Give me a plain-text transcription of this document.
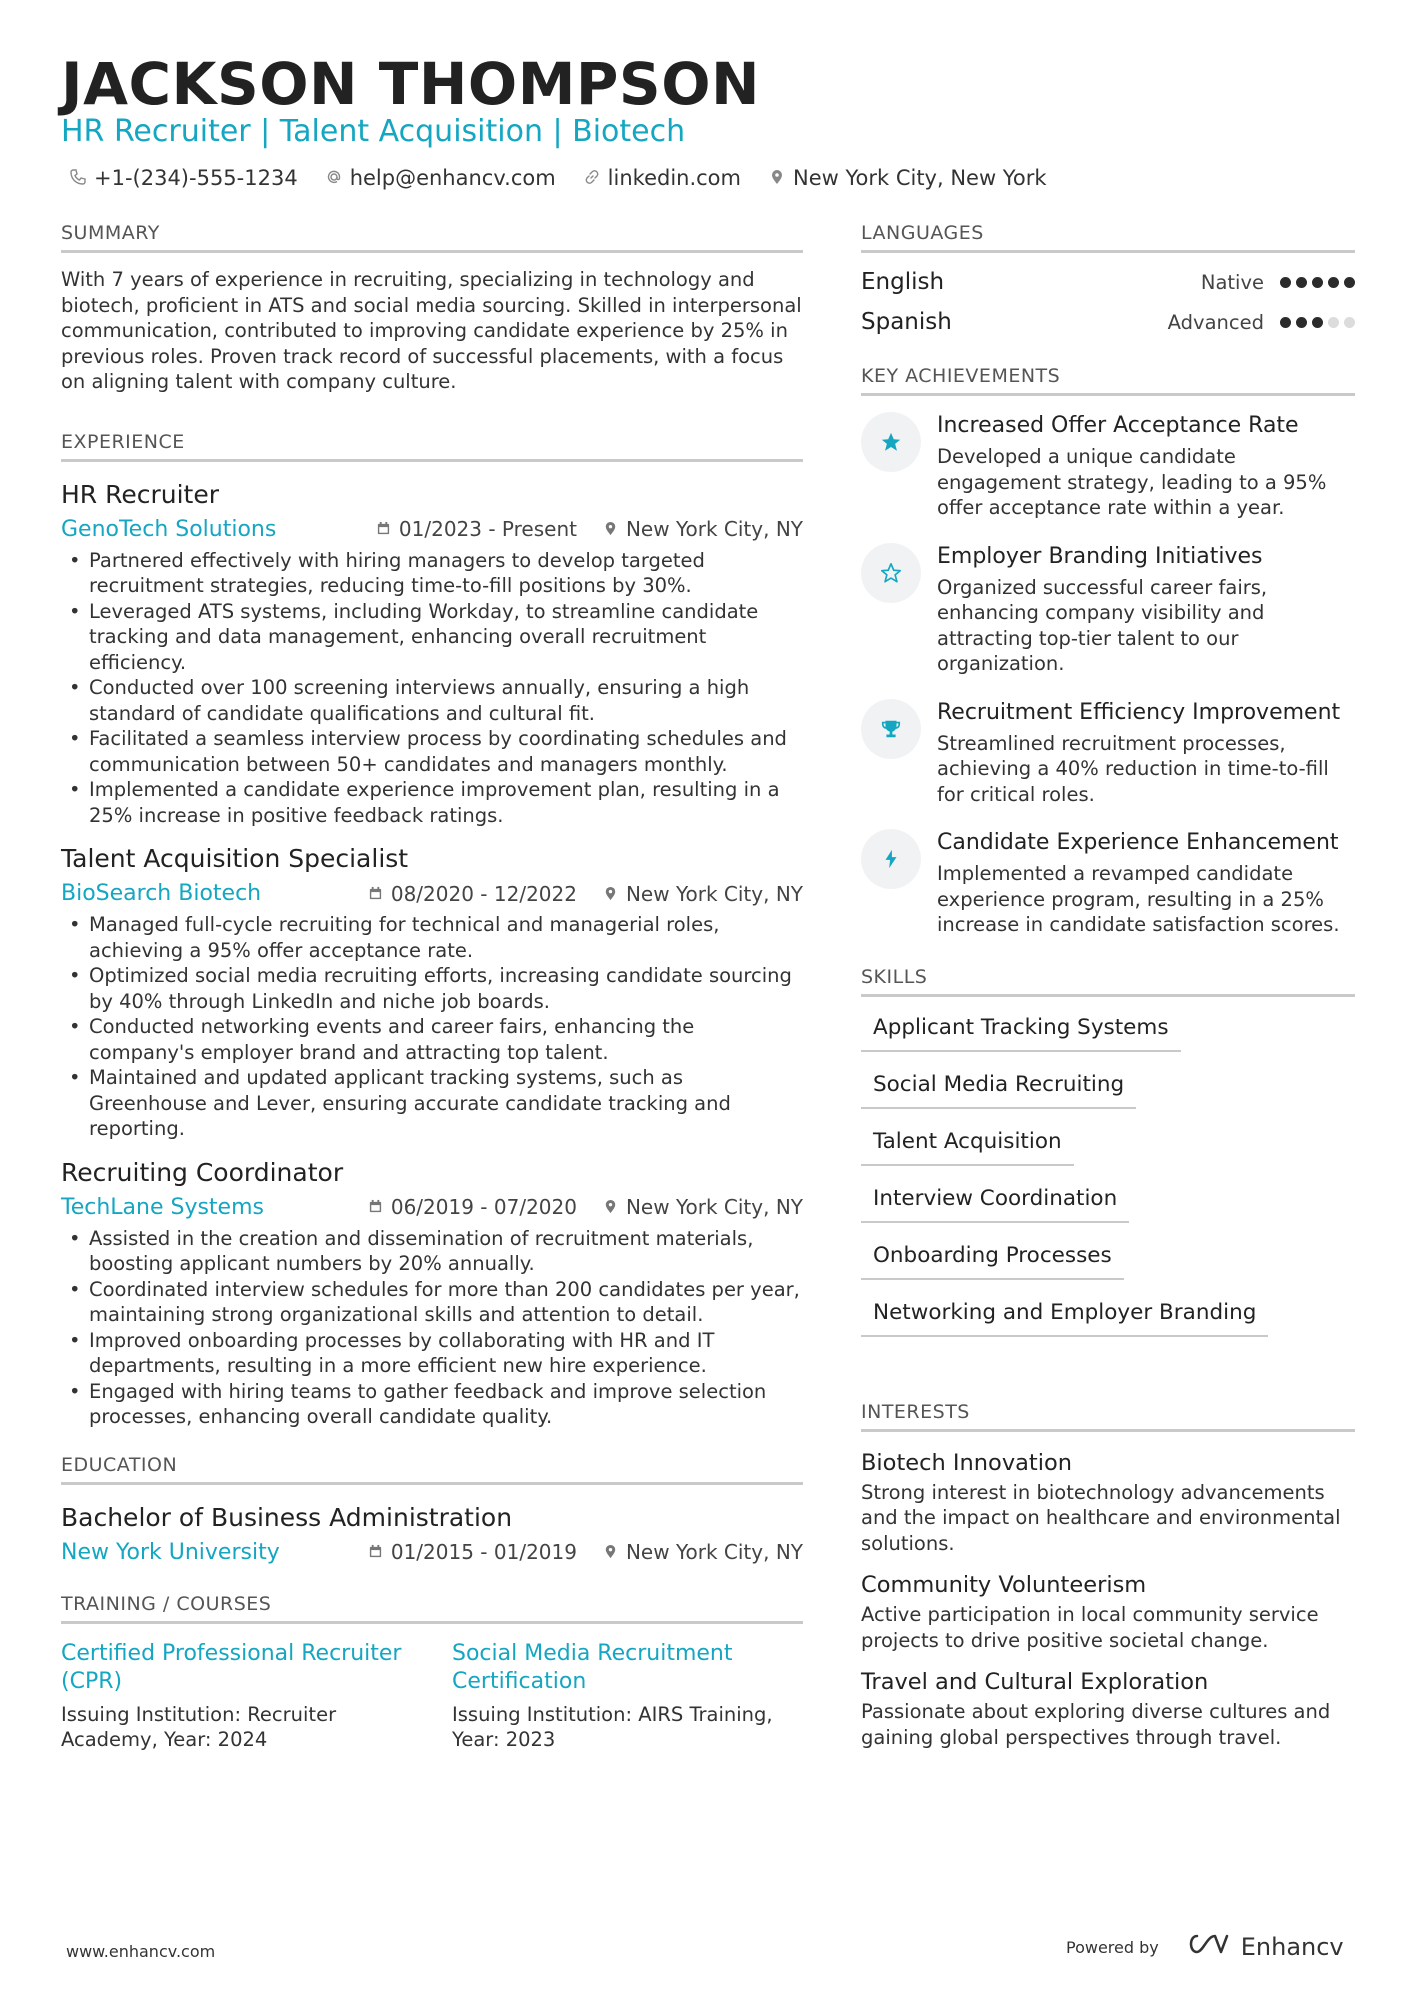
JACKSON THOMPSON
HR Recruiter | Talent Acquisition | Biotech
+1-(234)-555-1234 help@enhancv.com linkedin.com New York City, New York
SUMMARY

With 7 years of experience in recruiting, specializing in technology and biotech, proficient in ATS and social media sourcing. Skilled in interpersonal communication, contributed to improving candidate experience by 25% in previous roles. Proven track record of successful placements, with a focus on aligning talent with company culture.

EXPERIENCE
HR Recruiter
GenoTech Solutions	01/2023 - Present New York City, NY
• Partnered effectively with hiring managers to develop targeted recruitment strategies, reducing time-to-fill positions by 30%.
• Leveraged ATS systems, including Workday, to streamline candidate tracking and data management, enhancing overall recruitment efficiency.
• Conducted over 100 screening interviews annually, ensuring a high standard of candidate qualifications and cultural fit.
• Facilitated a seamless interview process by coordinating schedules and communication between 50+ candidates and managers monthly.
• Implemented a candidate experience improvement plan, resulting in a 25% increase in positive feedback ratings.
Talent Acquisition Specialist
BioSearch Biotech	08/2020 - 12/2022 New York City, NY
• Managed full-cycle recruiting for technical and managerial roles, achieving a 95% offer acceptance rate.
• Optimized social media recruiting efforts, increasing candidate sourcing by 40% through LinkedIn and niche job boards.
• Conducted networking events and career fairs, enhancing the company's employer brand and attracting top talent.
• Maintained and updated applicant tracking systems, such as Greenhouse and Lever, ensuring accurate candidate tracking and reporting.
Recruiting Coordinator
TechLane Systems	06/2019 - 07/2020 New York City, NY
• Assisted in the creation and dissemination of recruitment materials, boosting applicant numbers by 20% annually.
• Coordinated interview schedules for more than 200 candidates per year, maintaining strong organizational skills and attention to detail.
• Improved onboarding processes by collaborating with HR and IT departments, resulting in a more efficient new hire experience.
• Engaged with hiring teams to gather feedback and improve selection processes, enhancing overall candidate quality.
EDUCATION
Bachelor of Business Administration
New York University	01/2015 - 01/2019 New York City, NY
TRAINING / COURSES
Certified Professional Recruiter (CPR)
Issuing Institution: Recruiter Academy, Year: 2024
Social Media Recruitment Certification
Issuing Institution: AIRS Training, Year: 2023
LANGUAGES
English	Native
Spanish	Advanced
KEY ACHIEVEMENTS
Increased Offer Acceptance Rate
Developed a unique candidate engagement strategy, leading to a 95% offer acceptance rate within a year.
Employer Branding Initiatives
Organized successful career fairs, enhancing company visibility and attracting top-tier talent to our organization.
Recruitment Efficiency Improvement
Streamlined recruitment processes, achieving a 40% reduction in time-to-fill for critical roles.
Candidate Experience Enhancement
Implemented a revamped candidate experience program, resulting in a 25% increase in candidate satisfaction scores.
SKILLS
Applicant Tracking Systems
Social Media Recruiting
Talent Acquisition
Interview Coordination
Onboarding Processes
Networking and Employer Branding
INTERESTS
Biotech Innovation
Strong interest in biotechnology advancements and the impact on healthcare and environmental solutions.
Community Volunteerism
Active participation in local community service projects to drive positive societal change.
Travel and Cultural Exploration
Passionate about exploring diverse cultures and gaining global perspectives through travel.
www.enhancv.com	Powered by	Enhancv
